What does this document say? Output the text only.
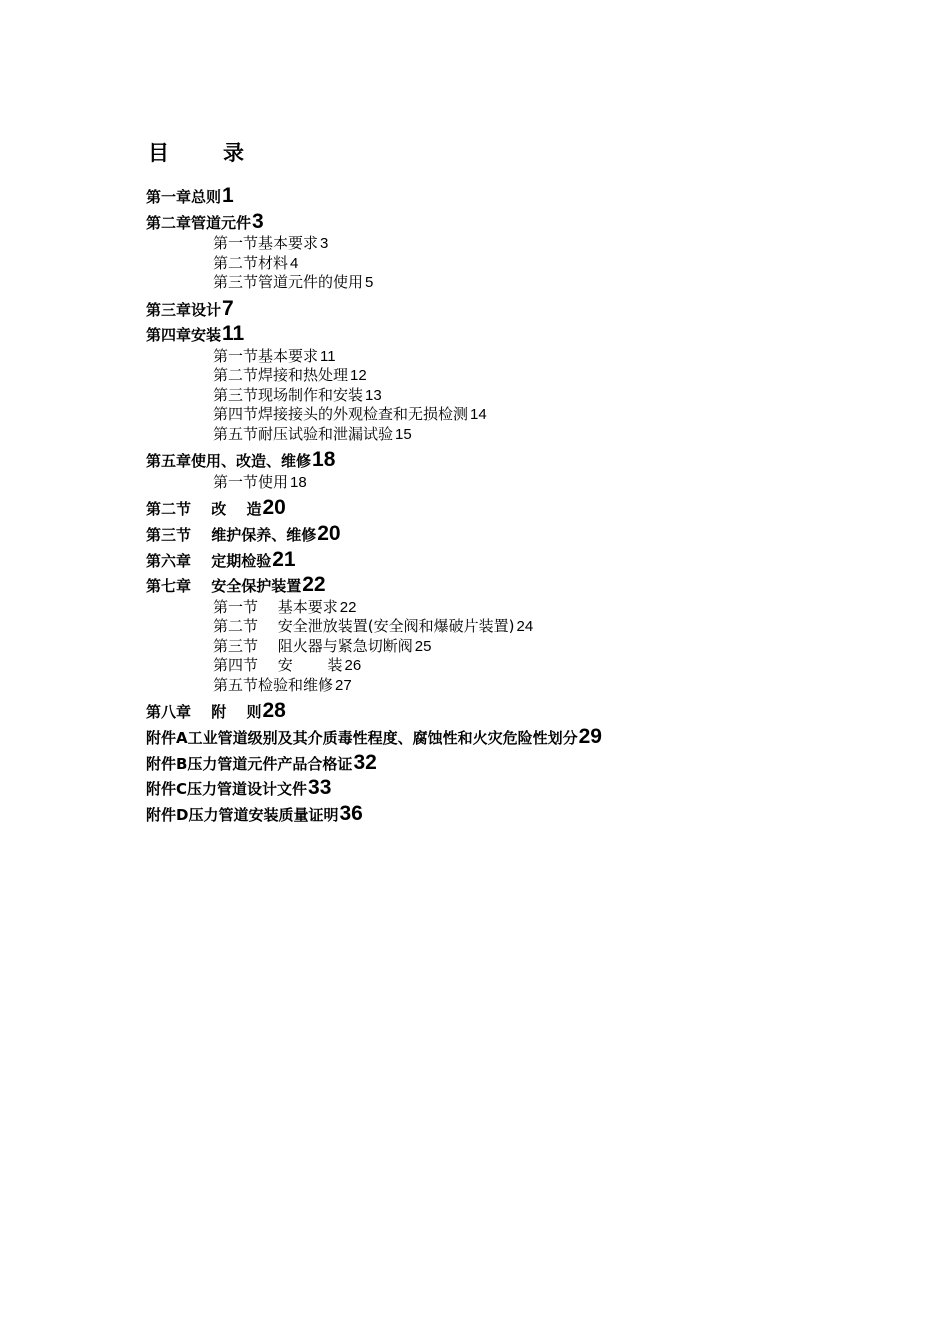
目	录
第一章总则1
第二章管道元件3
第一节基本要求 3
第二节材料 4
第三节管道元件的使用 5
第三章设计7
第四章安装11
第一节基本要求 11
第二节焊接和热处理 12
第三节现场制作和安装 13
第四节焊接接头的外观检查和无损检测 14
第五节耐压试验和泄漏试验 15
第五章使用、改造、维修18
第一节使用 18
第二节　 改　 造20
第三节　 维护保养、维修20
第六章　 定期检验21
第七章　 安全保护装置22
第一节　 基本要求 22
第二节　 安全泄放装置(安全阀和爆破片装置) 24
第三节　 阻火器与紧急切断阀 25
第四节　 安　　 装 26
第五节检验和维修 27
第八章　 附　 则28
附件A工业管道级别及其介质毒性程度、腐蚀性和火灾危险性划分29
附件B压力管道元件产品合格证32
附件C压力管道设计文件33
附件D压力管道安装质量证明36
